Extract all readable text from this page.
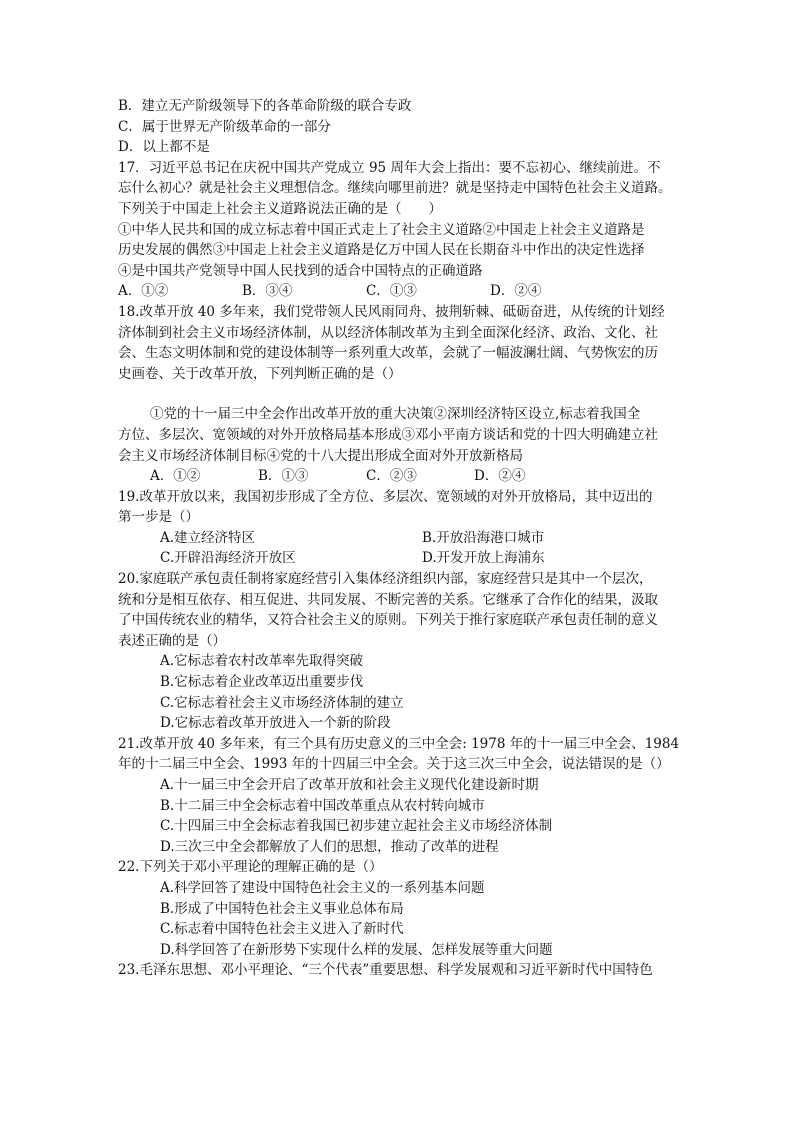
B．建立无产阶级领导下的各革命阶级的联合专政
C．属于世界无产阶级革命的一部分
D．以上都不是
17．习近平总书记在庆祝中国共产党成立 95 周年大会上指出：要不忘初心、继续前进。不
忘什么初心？就是社会主义理想信念。继续向哪里前进？就是坚持走中国特色社会主义道路。
下列关于中国走上社会主义道路说法正确的是（　　）
①中华人民共和国的成立标志着中国正式走上了社会主义道路②中国走上社会主义道路是
历史发展的偶然③中国走上社会主义道路是亿万中国人民在长期奋斗中作出的决定性选择
④是中国共产党领导中国人民找到的适合中国特点的正确道路
A．①②	B．③④	C．①③	D．②④
18.改革开放 40 多年来，我们党带领人民风雨同舟、披荆斩棘、砥砺奋进，从传统的计划经
济体制到社会主义市场经济体制，从以经济体制改革为主到全面深化经济、政治、文化、社
会、生态文明体制和党的建设体制等一系列重大改革，会就了一幅波澜壮阔、气势恢宏的历
史画卷、关于改革开放，下列判断正确的是（）
①党的十一届三中全会作出改革开放的重大决策②深圳经济特区设立,标志着我国全
方位、多层次、宽领域的对外开放格局基本形成③邓小平南方谈话和党的十四大明确建立社
会主义市场经济体制目标④党的十八大提出形成全面对外开放新格局
A．①②	B．①③	C．②③	D．②④
19.改革开放以来，我国初步形成了全方位、多层次、宽领域的对外开放格局，其中迈出的
第一步是（）
A.建立经济特区	B.开放沿海港口城市
C.开辟沿海经济开放区	D.开发开放上海浦东
20.家庭联产承包责任制将家庭经营引入集体经济组织内部，家庭经营只是其中一个层次，
统和分是相互依存、相互促进、共同发展、不断完善的关系。它继承了合作化的结果，汲取
了中国传统农业的精华，又符合社会主义的原则。下列关于推行家庭联产承包责任制的意义
表述正确的是（）
A.它标志着农村改革率先取得突破
B.它标志着企业改革迈出重要步伐
C.它标志着社会主义市场经济体制的建立
D.它标志着改革开放进入一个新的阶段
21.改革开放 40 多年来，有三个具有历史意义的三中全会: 1978 年的十一届三中全会、1984
年的十二届三中全会、1993 年的十四届三中全会。关于这三次三中全会，说法错误的是（）
A.十一届三中全会开启了改革开放和社会主义现代化建设新时期
B.十二届三中全会标志着中国改革重点从农村转向城市
C.十四届三中全会标志着我国已初步建立起社会主义市场经济体制
D.三次三中全会都解放了人们的思想，推动了改革的进程
22.下列关于邓小平理论的理解正确的是（）
A.科学回答了建设中国特色社会主义的一系列基本问题
B.形成了中国特色社会主义事业总体布局
C.标志着中国特色社会主义进入了新时代
D.科学回答了在新形势下实现什么样的发展、怎样发展等重大问题
23.毛泽东思想、邓小平理论、“三个代表”重要思想、科学发展观和习近平新时代中国特色
